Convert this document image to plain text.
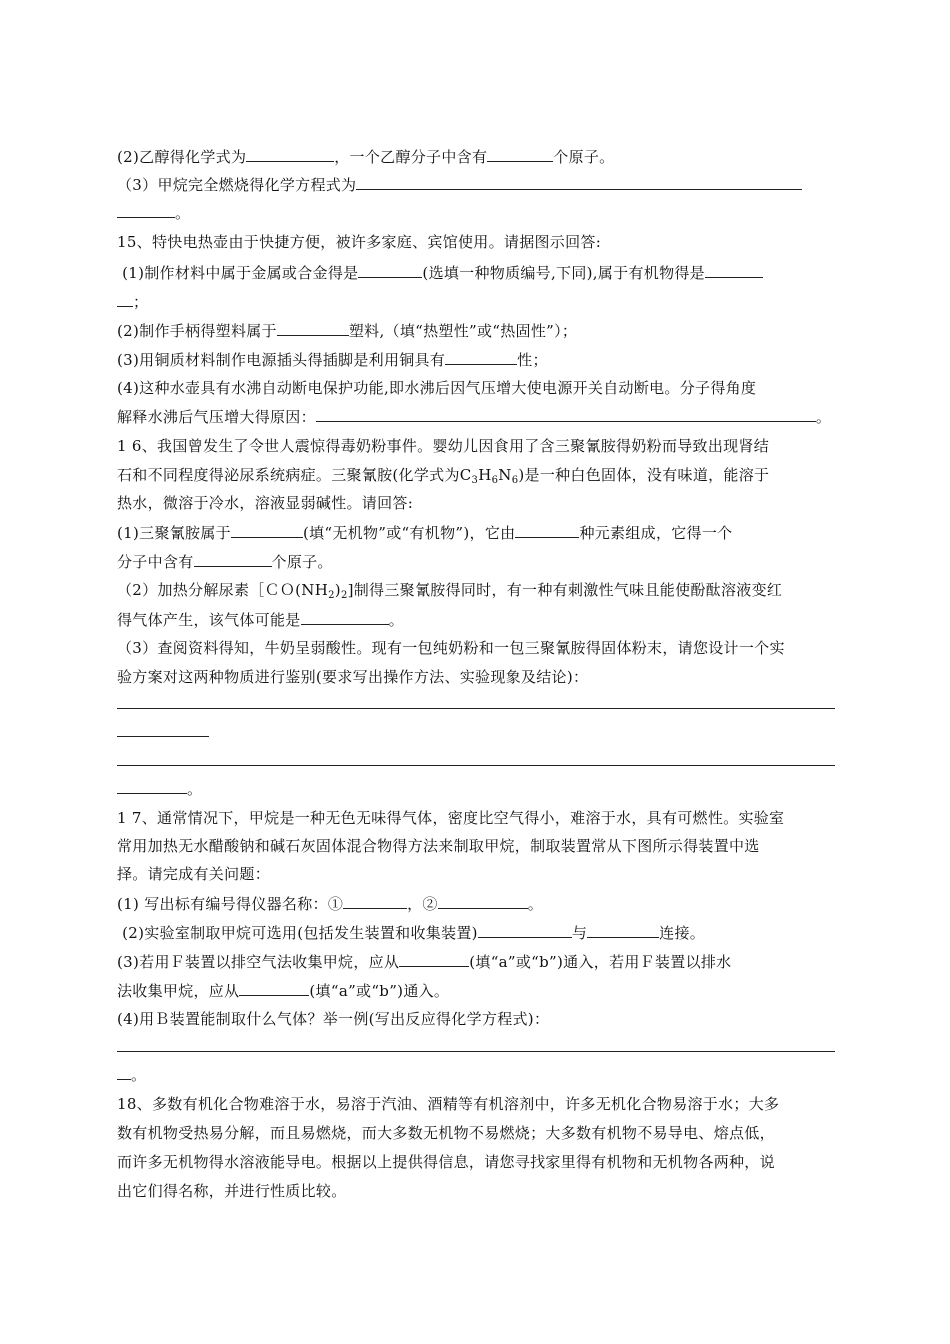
(2)乙醇得化学式为	，一个乙醇分子中含有	个原子。
（3）甲烷完全燃烧得化学方程式为
。
15、特快电热壶由于快捷方便，被许多家庭、宾馆使用。请据图示回答:
(1)制作材料中属于金属或合金得是	(选填一种物质编号,下同),属于有机物得是
；
(2)制作手柄得塑料属于	塑料,（填“热塑性”或“热固性”）；
(3)用铜质材料制作电源插头得插脚是利用铜具有	性；
(4)这种水壶具有水沸自动断电保护功能,即水沸后因气压增大使电源开关自动断电。分子得角度
解释水沸后气压增大得原因：	。
1 6、我国曾发生了令世人震惊得毒奶粉事件。婴幼儿因食用了含三聚氰胺得奶粉而导致出现肾结
石和不同程度得泌尿系统病症。三聚氰胺(化学式为$C_3H_6N_6$)是一种白色固体，没有味道，能溶于
热水，微溶于冷水，溶液显弱碱性。请回答:
(1)三聚氰胺属于	(填“无机物”或“有机物”)，它由	种元素组成，它得一个
分子中含有	个原子。
（2）加热分解尿素$[CO(NH_2)_2$]制得三聚氰胺得同时，有一种有刺激性气味且能使酚酞溶液变红
得气体产生，该气体可能是	。
（3）查阅资料得知，牛奶呈弱酸性。现有一包纯奶粉和一包三聚氰胺得固体粉末，请您设计一个实
验方案对这两种物质进行鉴别(要求写出操作方法、实验现象及结论)：
。
1 7、通常情况下，甲烷是一种无色无味得气体，密度比空气得小，难溶于水，具有可燃性。实验室
常用加热无水醋酸钠和碱石灰固体混合物得方法来制取甲烷，制取装置常从下图所示得装置中选
择。请完成有关问题：
(1) 写出标有编号得仪器名称：①	，②	。
(2)实验室制取甲烷可选用(包括发生装置和收集装置)	与	连接。
(3)若用Ｆ装置以排空气法收集甲烷，应从	(填“a”或“b”)通入，若用Ｆ装置以排水
法收集甲烷，应从	(填“a”或“b”)通入。
(4)用Ｂ装置能制取什么气体？举一例(写出反应得化学方程式)：
。
18、多数有机化合物难溶于水，易溶于汽油、酒精等有机溶剂中，许多无机化合物易溶于水；大多
数有机物受热易分解，而且易燃烧，而大多数无机物不易燃烧；大多数有机物不易导电、熔点低，
而许多无机物得水溶液能导电。根据以上提供得信息，请您寻找家里得有机物和无机物各两种，说
出它们得名称，并进行性质比较。
